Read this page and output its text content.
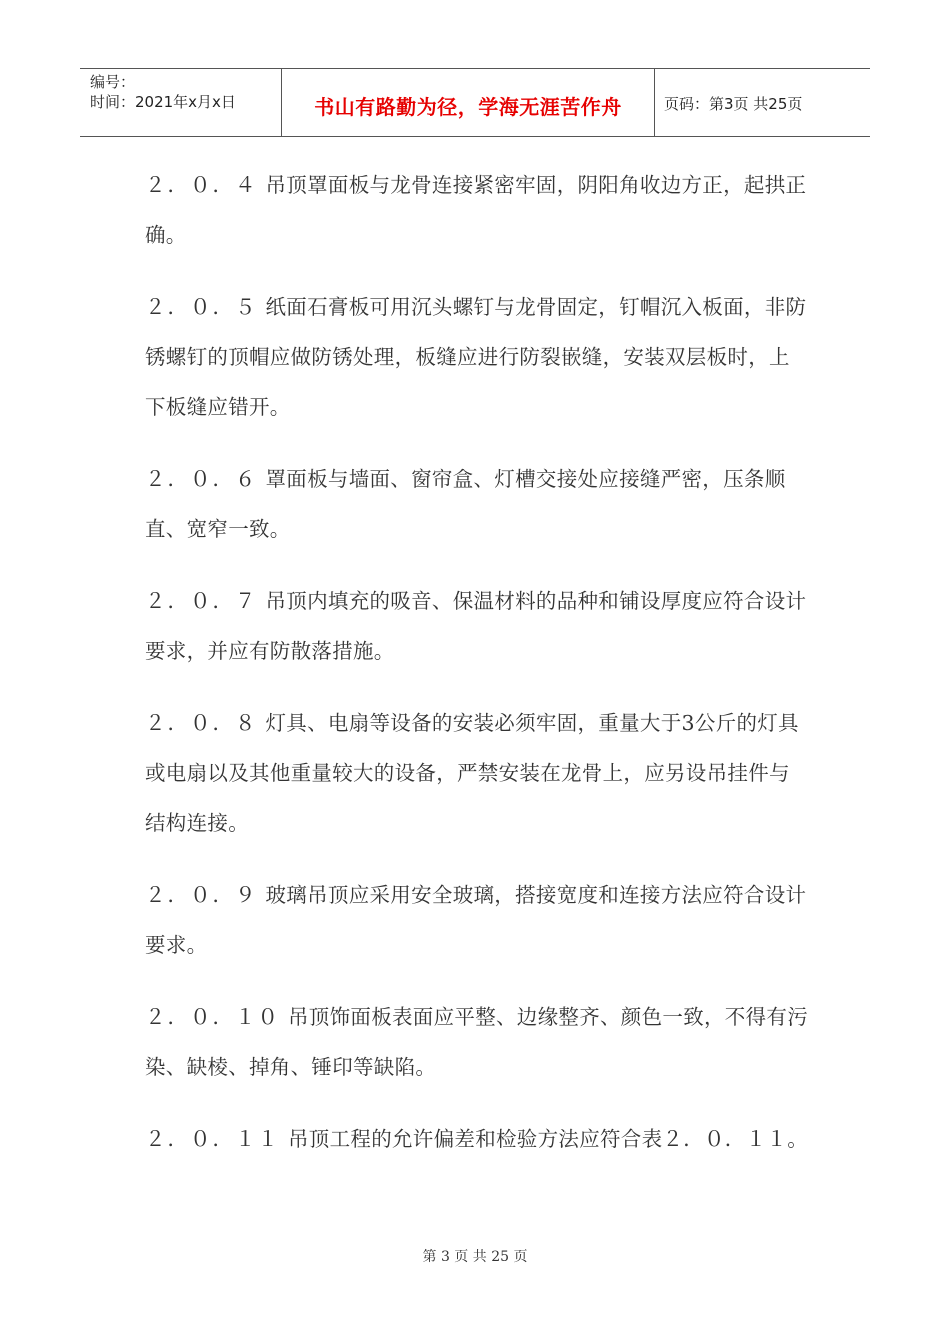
编号：
时间：2021年x月x日	书山有路勤为径，学海无涯苦作舟	页码：第3页 共25页

２．０．４ 吊顶罩面板与龙骨连接紧密牢固，阴阳角收边方正，起拱正确。

２．０．５ 纸面石膏板可用沉头螺钉与龙骨固定，钉帽沉入板面，非防锈螺钉的顶帽应做防锈处理，板缝应进行防裂嵌缝，安装双层板时，上下板缝应错开。

２．０．６ 罩面板与墙面、窗帘盒、灯槽交接处应接缝严密，压条顺直、宽窄一致。

２．０．７ 吊顶内填充的吸音、保温材料的品种和铺设厚度应符合设计要求，并应有防散落措施。

２．０．８ 灯具、电扇等设备的安装必须牢固，重量大于3公斤的灯具或电扇以及其他重量较大的设备，严禁安装在龙骨上，应另设吊挂件与结构连接。

２．０．９ 玻璃吊顶应采用安全玻璃，搭接宽度和连接方法应符合设计要求。

２．０．１０ 吊顶饰面板表面应平整、边缘整齐、颜色一致，不得有污染、缺棱、掉角、锤印等缺陷。

２．０．１１ 吊顶工程的允许偏差和检验方法应符合表２．０．１１。

第 3 页 共 25 页
